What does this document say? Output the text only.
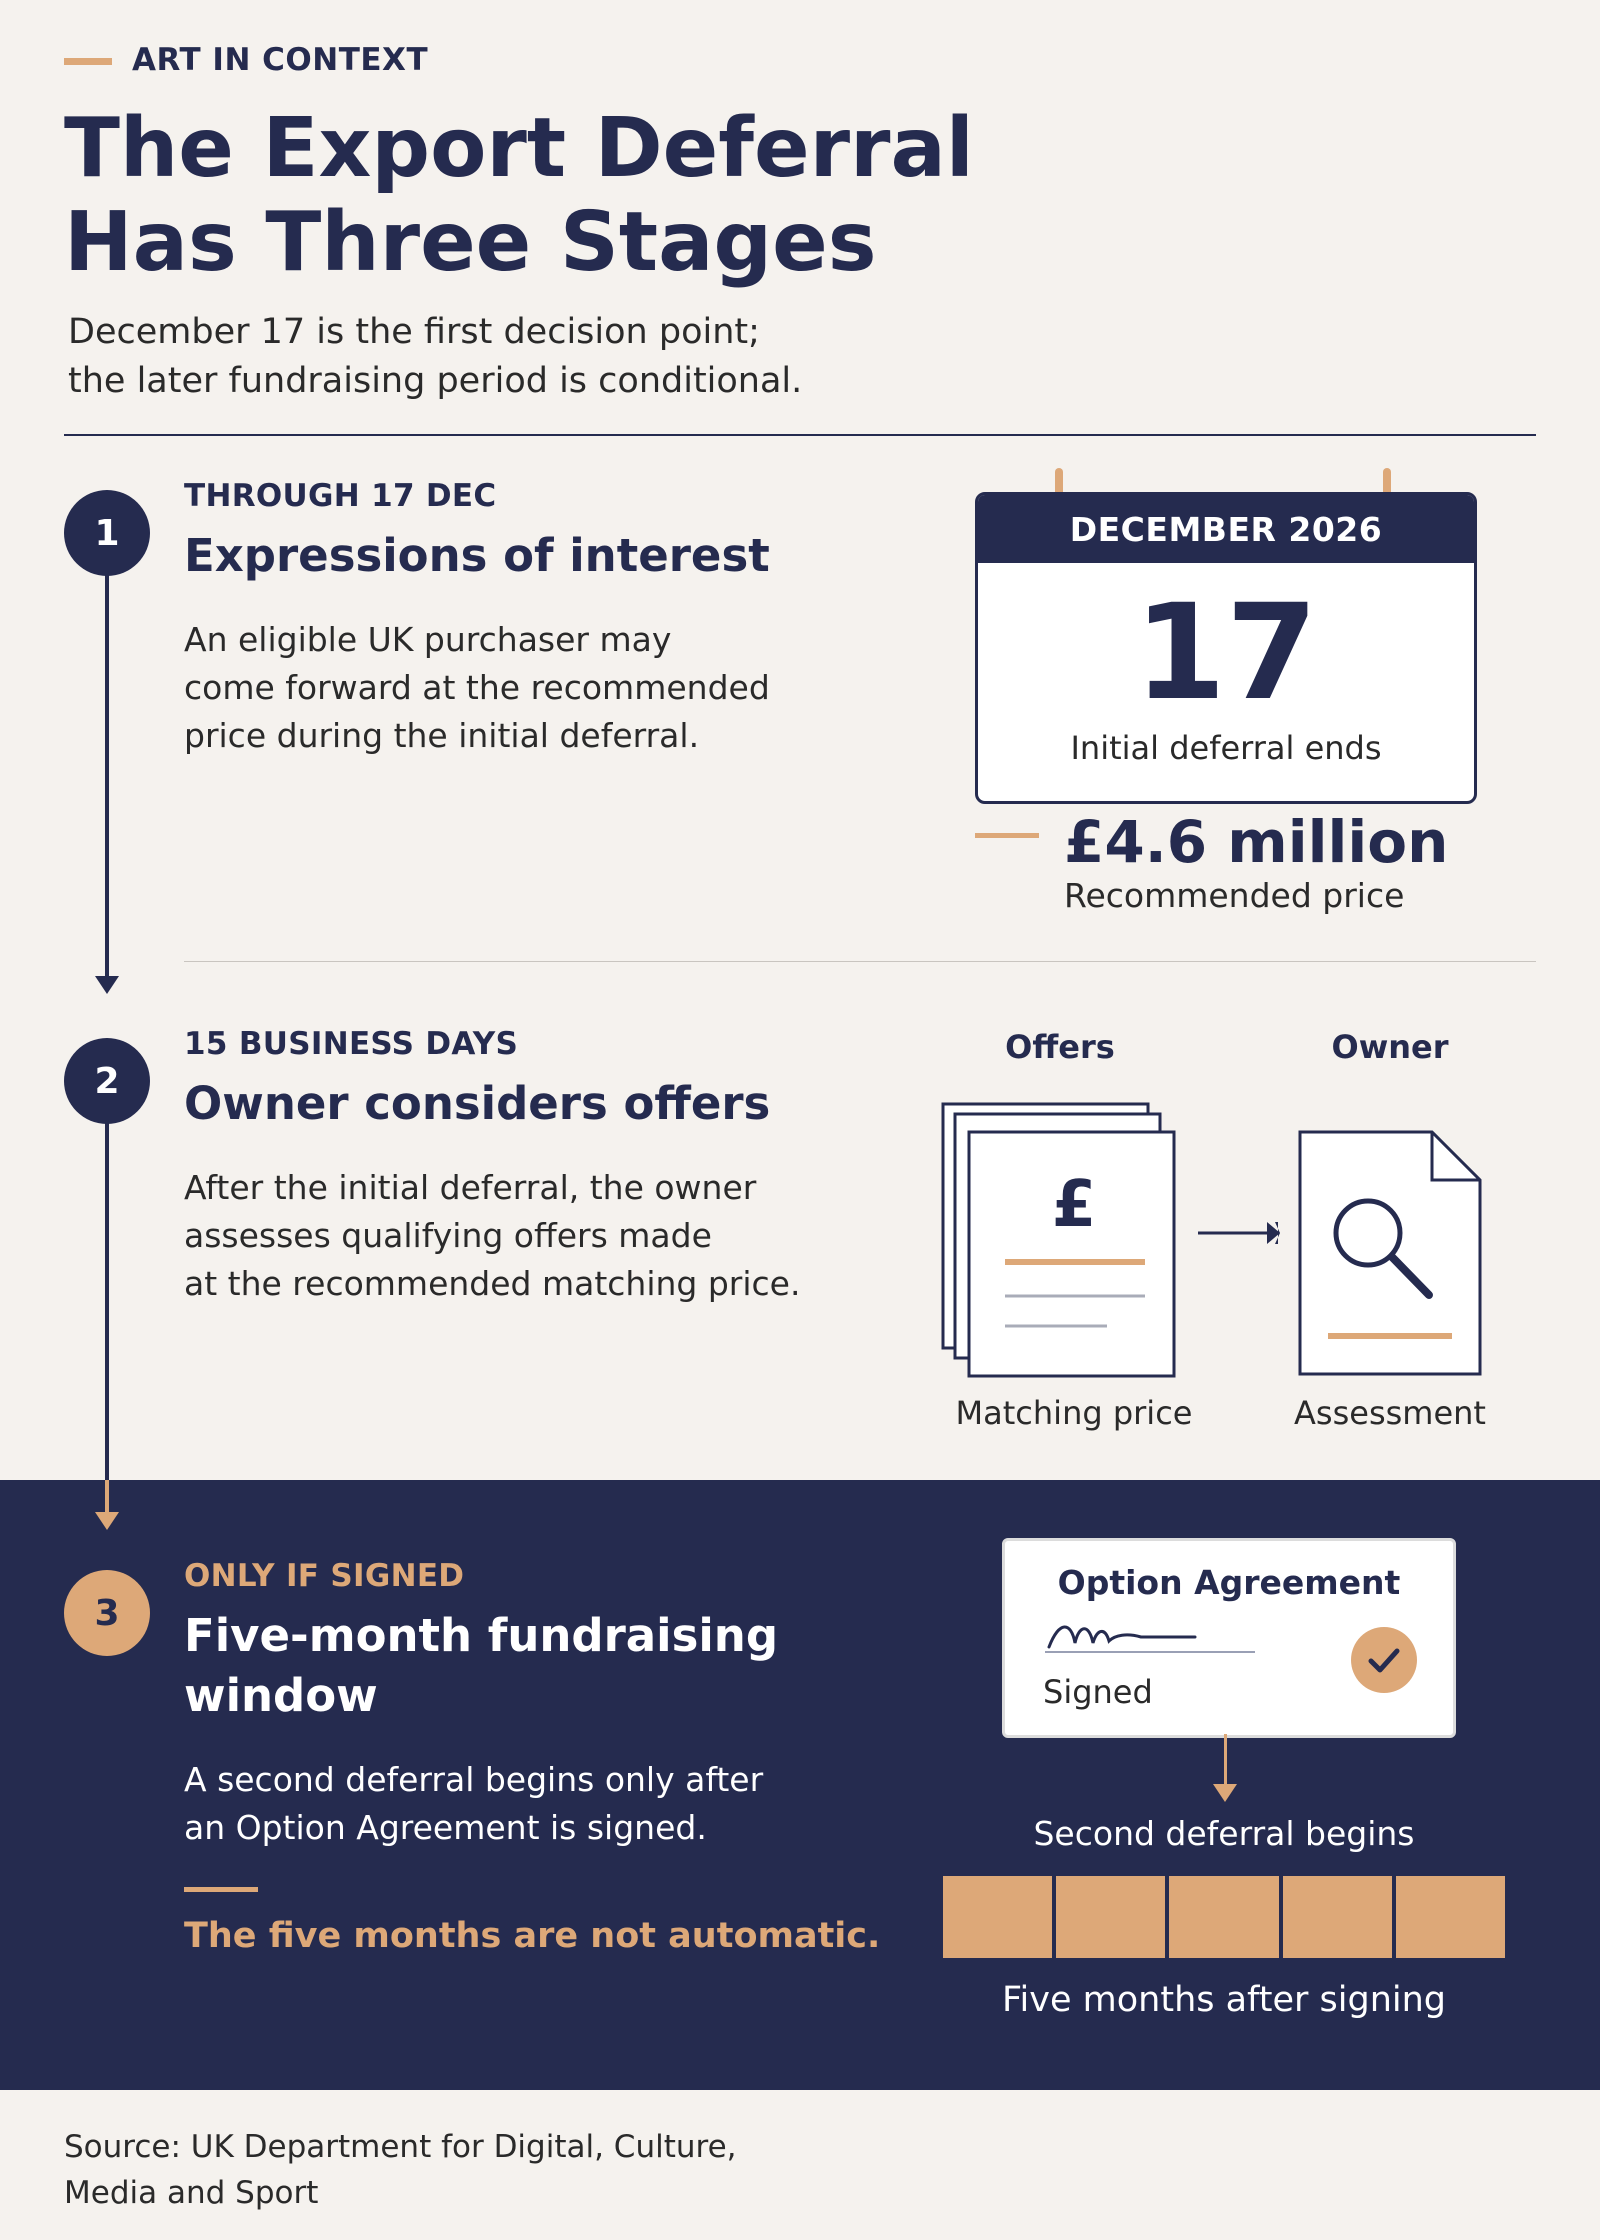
ART IN CONTEXT
The Export Deferral
Has Three Stages
December 17 is the first decision point;
the later fundraising period is conditional.
1
THROUGH 17 DEC
Expressions of interest
An eligible UK purchaser may
come forward at the recommended
price during the initial deferral.
DECEMBER 2026
17
Initial deferral ends
£4.6 million
Recommended price
2
15 BUSINESS DAYS
Owner considers offers
After the initial deferral, the owner
assesses qualifying offers made
at the recommended matching price.
Offers	Owner
£
Matching price	Assessment
3
ONLY IF SIGNED
Five-month fundraising
window
A second deferral begins only after
an Option Agreement is signed.
The five months are not automatic.
Option Agreement
Signed
Second deferral begins
Five months after signing
Source: UK Department for Digital, Culture,
Media and Sport
